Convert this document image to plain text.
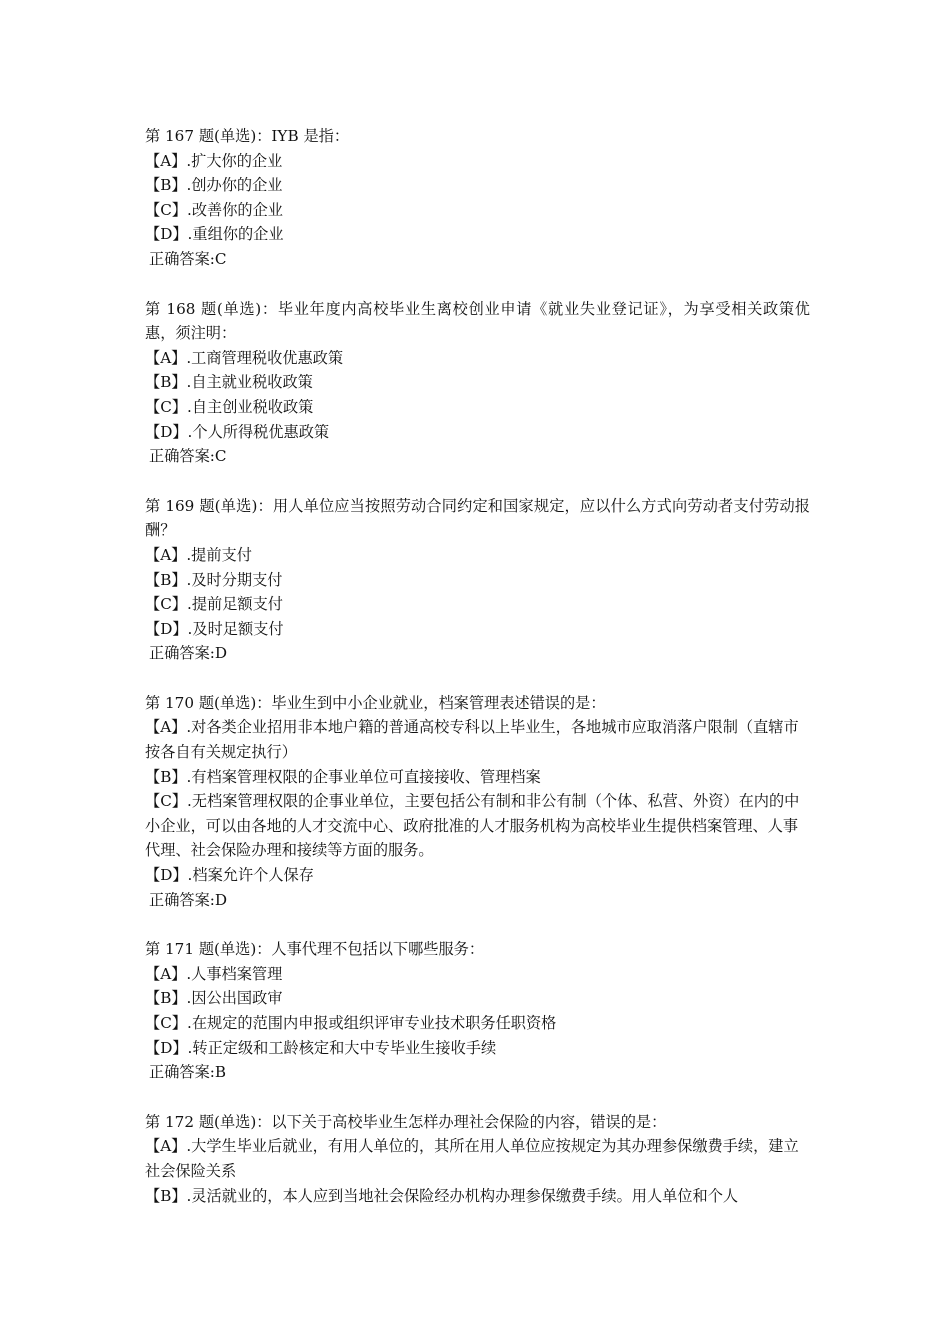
第 167 题(单选)：IYB 是指：
【A】.扩大你的企业
【B】.创办你的企业
【C】.改善你的企业
【D】.重组你的企业
正确答案:C
第 168 题(单选)：毕业年度内高校毕业生离校创业申请《就业失业登记证》，为享受相关政策优惠，须注明：
【A】.工商管理税收优惠政策
【B】.自主就业税收政策
【C】.自主创业税收政策
【D】.个人所得税优惠政策
正确答案:C
第 169 题(单选)：用人单位应当按照劳动合同约定和国家规定，应以什么方式向劳动者支付劳动报酬？
【A】.提前支付
【B】.及时分期支付
【C】.提前足额支付
【D】.及时足额支付
正确答案:D
第 170 题(单选)：毕业生到中小企业就业，档案管理表述错误的是：
【A】.对各类企业招用非本地户籍的普通高校专科以上毕业生，各地城市应取消落户限制（直辖市按各自有关规定执行）
【B】.有档案管理权限的企事业单位可直接接收、管理档案
【C】.无档案管理权限的企事业单位，主要包括公有制和非公有制（个体、私营、外资）在内的中小企业，可以由各地的人才交流中心、政府批准的人才服务机构为高校毕业生提供档案管理、人事代理、社会保险办理和接续等方面的服务。
【D】.档案允许个人保存
正确答案:D
第 171 题(单选)：人事代理不包括以下哪些服务：
【A】.人事档案管理
【B】.因公出国政审
【C】.在规定的范围内申报或组织评审专业技术职务任职资格
【D】.转正定级和工龄核定和大中专毕业生接收手续
正确答案:B
第 172 题(单选)：以下关于高校毕业生怎样办理社会保险的内容，错误的是：
【A】.大学生毕业后就业，有用人单位的，其所在用人单位应按规定为其办理参保缴费手续，建立社会保险关系
【B】.灵活就业的，本人应到当地社会保险经办机构办理参保缴费手续。用人单位和个人
